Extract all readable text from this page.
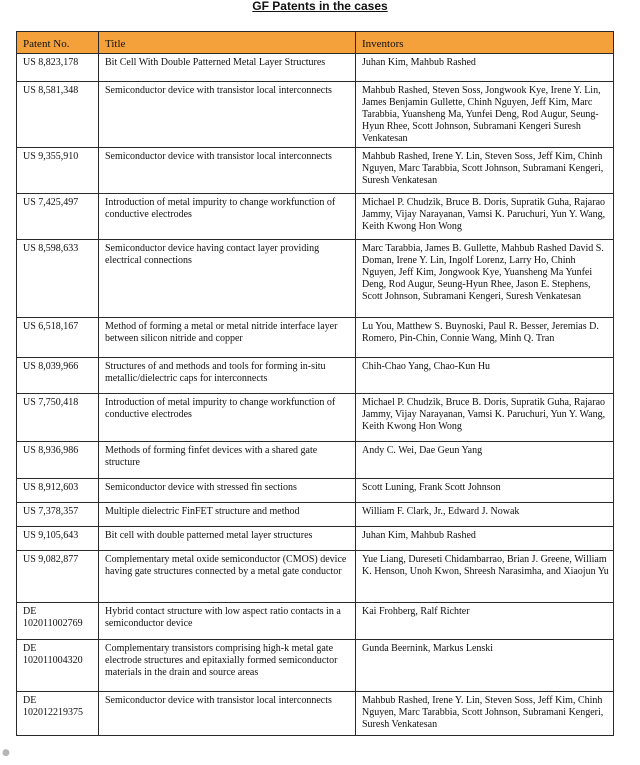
GF Patents in the cases
Patent No.	Title	Inventors
US 8,823,178	Bit Cell With Double Patterned Metal Layer Structures	Juhan Kim, Mahbub Rashed
US 8,581,348	Semiconductor device with transistor local interconnects	Mahbub Rashed, Steven Soss, Jongwook Kye, Irene Y. Lin, James Benjamin Gullette, Chinh Nguyen, Jeff Kim, Marc Tarabbia, Yuansheng Ma, Yunfei Deng, Rod Augur, Seung-Hyun Rhee, Scott Johnson, Subramani Kengeri Suresh Venkatesan
US 9,355,910	Semiconductor device with transistor local interconnects	Mahbub Rashed, Irene Y. Lin, Steven Soss, Jeff Kim, Chinh Nguyen, Marc Tarabbia, Scott Johnson, Subramani Kengeri, Suresh Venkatesan
US 7,425,497	Introduction of metal impurity to change workfunction of conductive electrodes	Michael P. Chudzik, Bruce B. Doris, Supratik Guha, Rajarao Jammy, Vijay Narayanan, Vamsi K. Paruchuri, Yun Y. Wang, Keith Kwong Hon Wong
US 8,598,633	Semiconductor device having contact layer providing electrical connections	Marc Tarabbia, James B. Gullette, Mahbub Rashed David S. Doman, Irene Y. Lin, Ingolf Lorenz, Larry Ho, Chinh Nguyen, Jeff Kim, Jongwook Kye, Yuansheng Ma Yunfei Deng, Rod Augur, Seung-Hyun Rhee, Jason E. Stephens, Scott Johnson, Subramani Kengeri, Suresh Venkatesan
US 6,518,167	Method of forming a metal or metal nitride interface layer between silicon nitride and copper	Lu You, Matthew S. Buynoski, Paul R. Besser, Jeremias D. Romero, Pin-Chin, Connie Wang, Minh Q. Tran
US 8,039,966	Structures of and methods and tools for forming in-situ metallic/dielectric caps for interconnects	Chih-Chao Yang, Chao-Kun Hu
US 7,750,418	Introduction of metal impurity to change workfunction of conductive electrodes	Michael P. Chudzik, Bruce B. Doris, Supratik Guha, Rajarao Jammy, Vijay Narayanan, Vamsi K. Paruchuri, Yun Y. Wang, Keith Kwong Hon Wong
US 8,936,986	Methods of forming finfet devices with a shared gate structure	Andy C. Wei, Dae Geun Yang
US 8,912,603	Semiconductor device with stressed fin sections	Scott Luning, Frank Scott Johnson
US 7,378,357	Multiple dielectric FinFET structure and method	William F. Clark, Jr., Edward J. Nowak
US 9,105,643	Bit cell with double patterned metal layer structures	Juhan Kim, Mahbub Rashed
US 9,082,877	Complementary metal oxide semiconductor (CMOS) device having gate structures connected by a metal gate conductor	Yue Liang, Dureseti Chidambarrao, Brian J. Greene, William K. Henson, Unoh Kwon, Shreesh Narasimha, and Xiaojun Yu
DE 102011002769	Hybrid contact structure with low aspect ratio contacts in a semiconductor device	Kai Frohberg, Ralf Richter
DE 102011004320	Complementary transistors comprising high-k metal gate electrode structures and epitaxially formed semiconductor materials in the drain and source areas	Gunda Beernink, Markus Lenski
DE 102012219375	Semiconductor device with transistor local interconnects	Mahbub Rashed, Irene Y. Lin, Steven Soss, Jeff Kim, Chinh Nguyen, Marc Tarabbia, Scott Johnson, Subramani Kengeri, Suresh Venkatesan
●
